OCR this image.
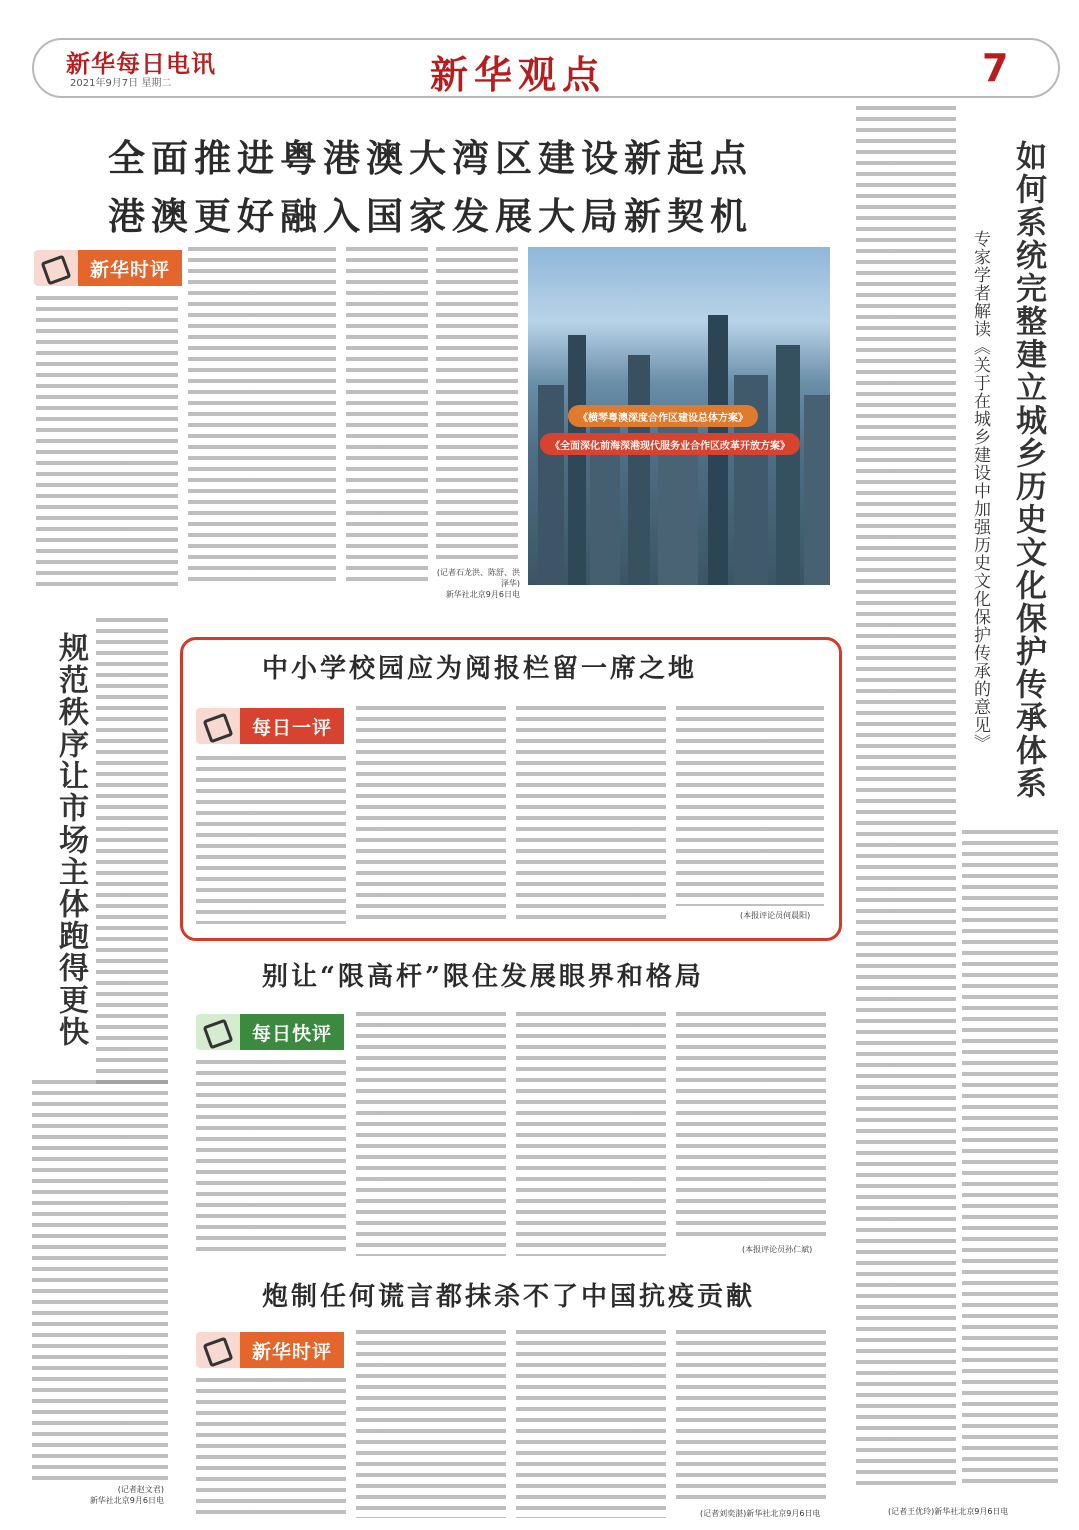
新华每日电讯
2021年9月7日 星期二	新华观点	7
全面推进粤港澳大湾区建设新起点
港澳更好融入国家发展大局新契机
新华时评
(记者石龙洪、陈舒、洪泽华)
新华社北京9月6日电
《横琴粤澳深度合作区建设总体方案》
《全面深化前海深港现代服务业合作区改革开放方案》	如何系统完整建立城乡历史文化保护传承体系
专家学者解读《关于在城乡建设中加强历史文化保护传承的意见》
(记者王优玲)新华社北京9月6日电
规范秩序让市场主体跑得更快
(记者赵文君)
新华社北京9月6日电
中小学校园应为阅报栏留一席之地
每日一评
(本报评论员何晨阳)
别让“限高杆”限住发展眼界和格局
每日快评
(本报评论员孙仁斌)
炮制任何谎言都抹杀不了中国抗疫贡献
新华时评
(记者刘奕湛)新华社北京9月6日电
